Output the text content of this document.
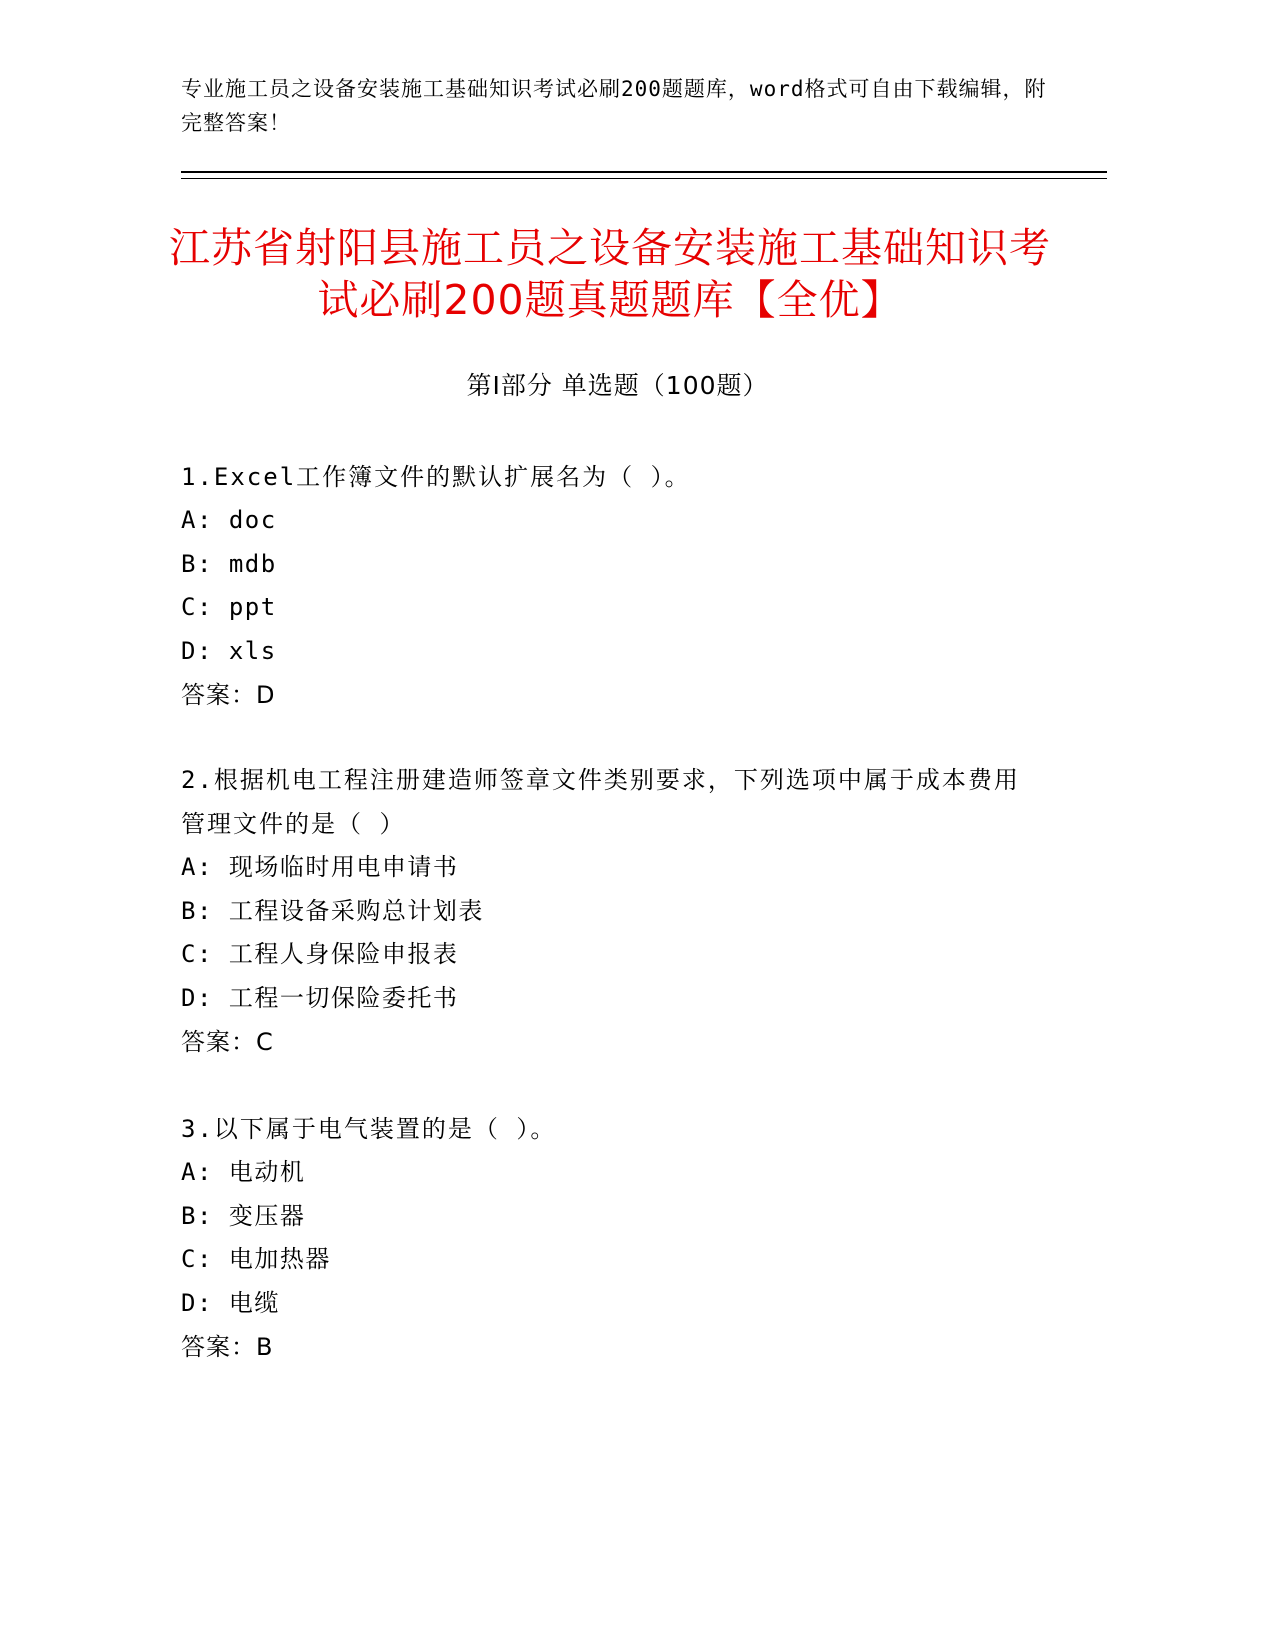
专业施工员之设备安装施工基础知识考试必刷200题题库，word格式可自由下载编辑，附完整答案！
江苏省射阳县施工员之设备安装施工基础知识考试必刷200题真题题库【全优】
第Ⅰ部分 单选题（100题）
1.Excel工作簿文件的默认扩展名为（ ）。
A: doc
B: mdb
C: ppt
D: xls
答案：D
2.根据机电工程注册建造师签章文件类别要求，下列选项中属于成本费用管理文件的是（ ）
A: 现场临时用电申请书
B: 工程设备采购总计划表
C: 工程人身保险申报表
D: 工程一切保险委托书
答案：C
3.以下属于电气装置的是（ ）。
A: 电动机
B: 变压器
C: 电加热器
D: 电缆
答案：B
